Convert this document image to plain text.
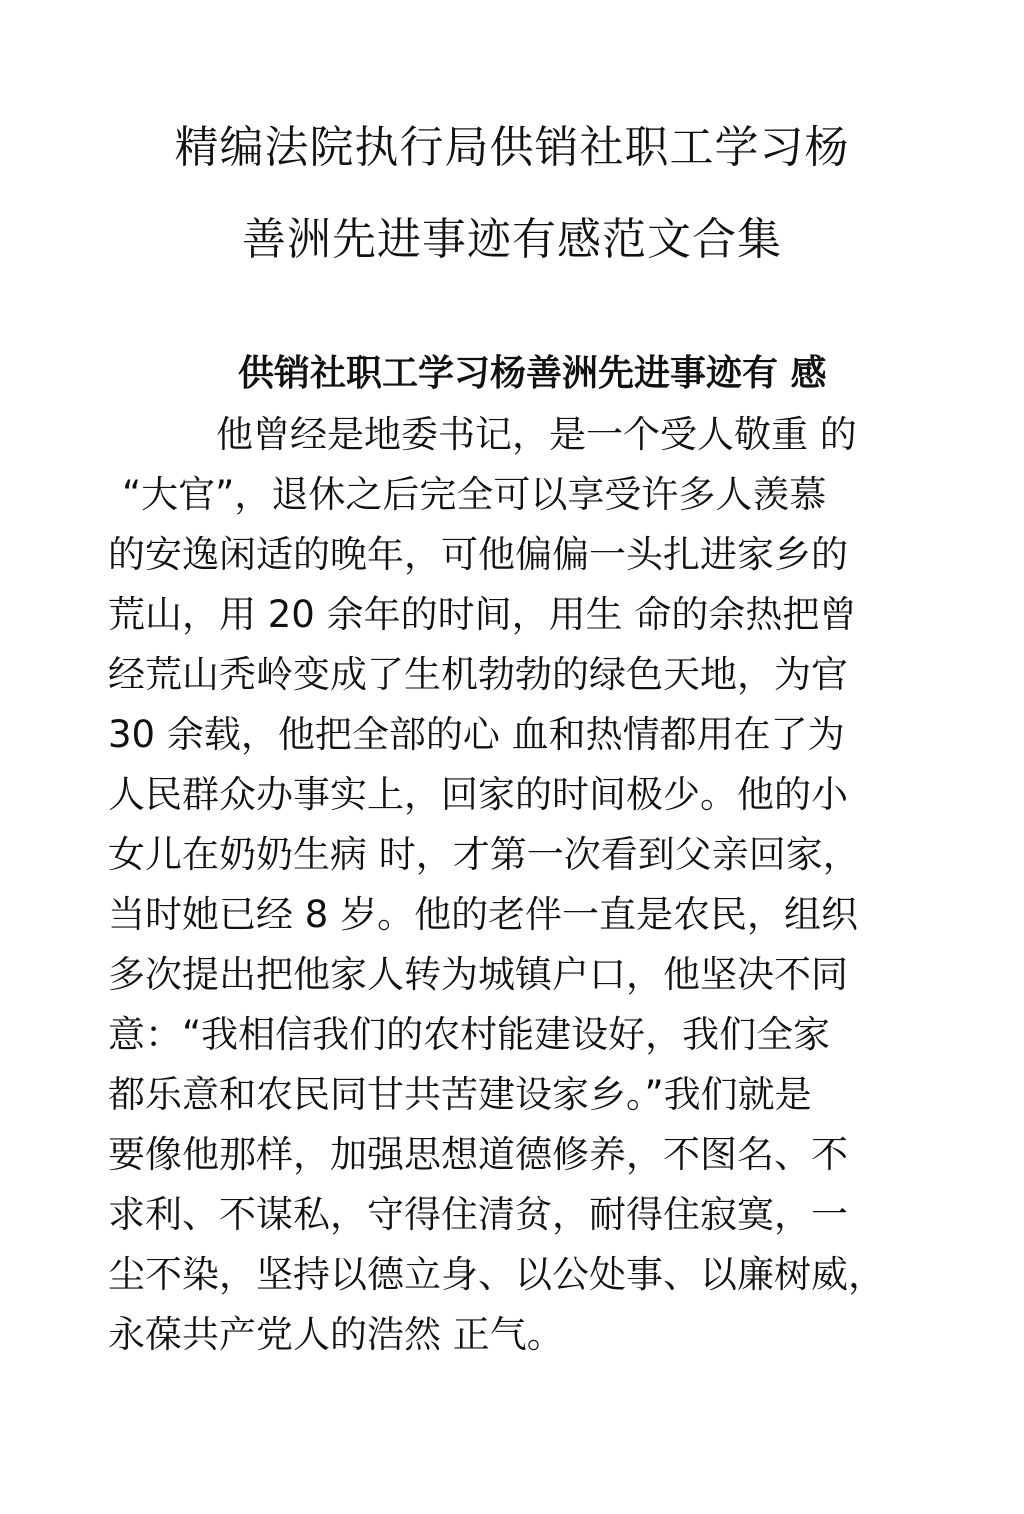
精编法院执行局供销社职工学习杨
善洲先进事迹有感范文合集
供销社职工学习杨善洲先进事迹有 感
他曾经是地委书记，是一个受人敬重 的
“大官”，退休之后完全可以享受许多人羡慕
的安逸闲适的晚年，可他偏偏一头扎进家乡的
荒山，用 20 余年的时间，用生 命的余热把曾
经荒山秃岭变成了生机勃勃的绿色天地，为官
30 余载，他把全部的心 血和热情都用在了为
人民群众办事实上，回家的时间极少。他的小
女儿在奶奶生病 时，才第一次看到父亲回家，
当时她已经 8 岁。他的老伴一直是农民，组织
多次提出把他家人转为城镇户口，他坚决不同
意：“我相信我们的农村能建设好，我们全家
都乐意和农民同甘共苦建设家乡。”我们就是
要像他那样，加强思想道德修养，不图名、不
求利、不谋私，守得住清贫，耐得住寂寞，一
尘不染，坚持以德立身、以公处事、以廉树威，
永葆共产党人的浩然 正气。
